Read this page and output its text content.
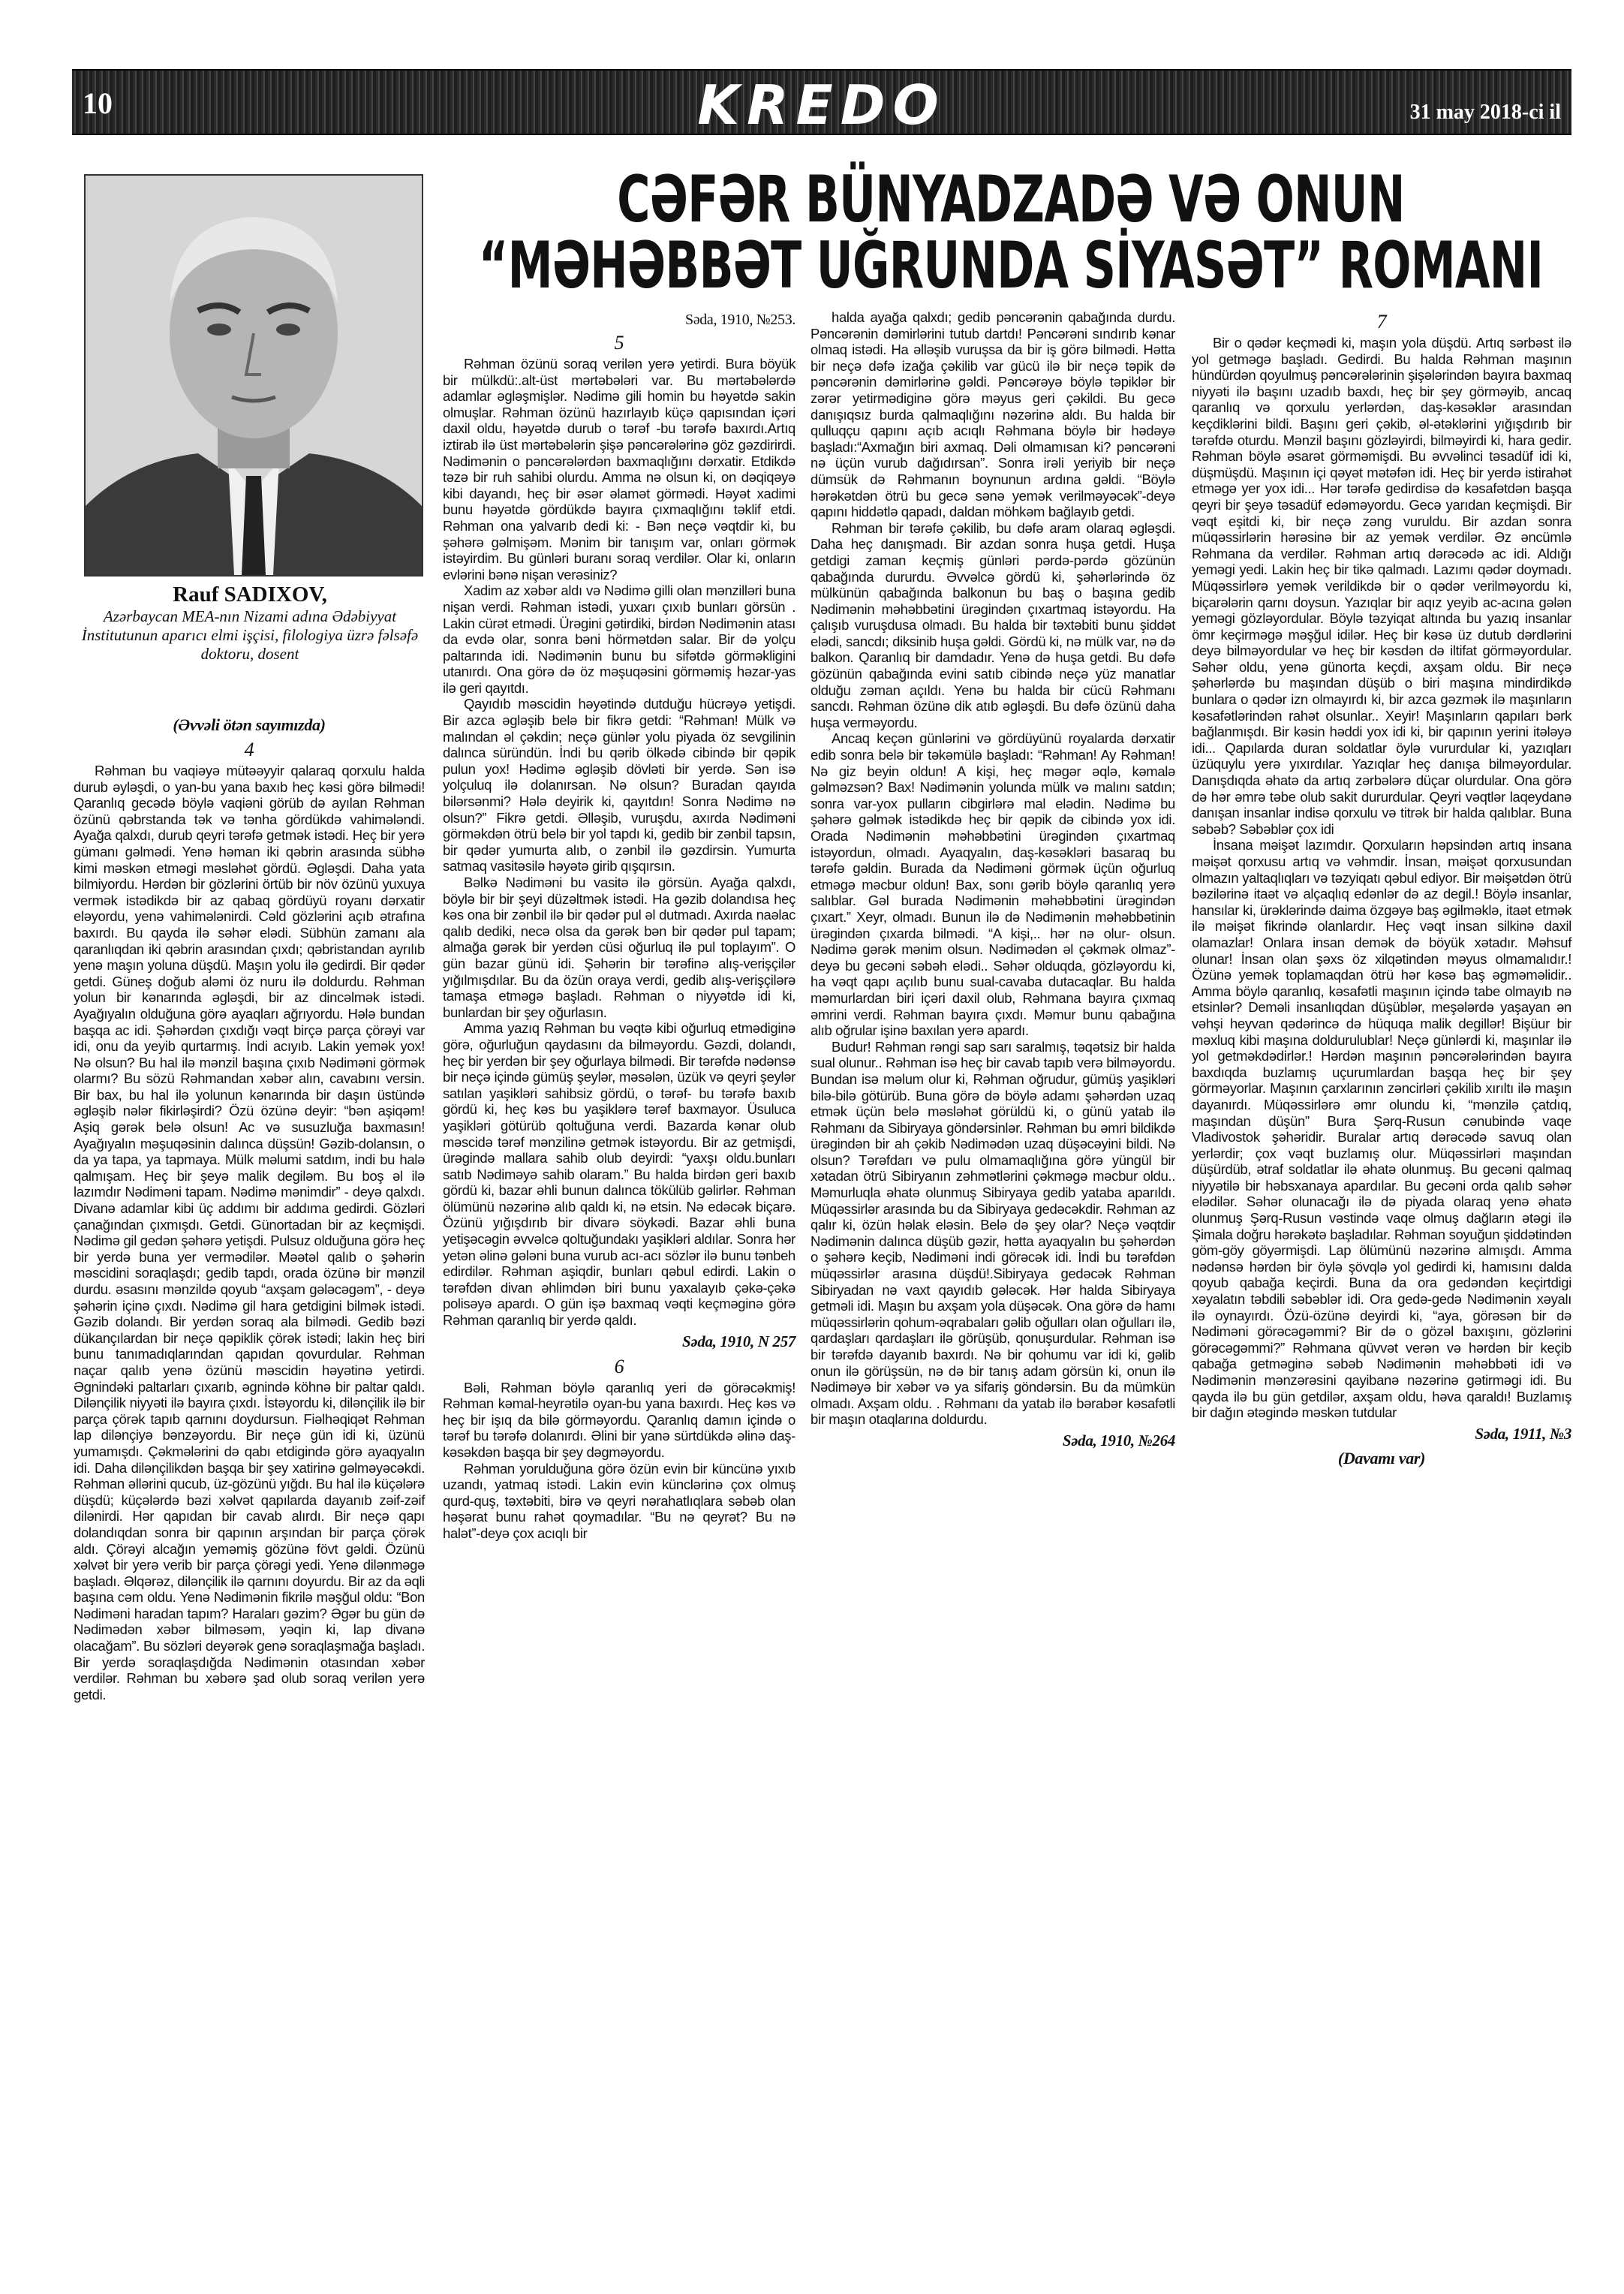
10	KREDO	31 may 2018-ci il
CƏFƏR BÜNYADZADƏ VƏ ONUN
“MƏHƏBBƏT UĞRUNDA SİYASƏT” ROMANI
Rauf SADIXOV,
Azərbaycan MEA-nın Nizami adına Ədəbiyyat İnstitutunun aparıcı elmi işçisi, filologiya üzrə fəlsəfə doktoru, dosent
(Əvvəli ötən sayımızda)
4

Rəhman bu vaqiəyə mütəəyyir qalaraq qorxulu halda durub əyləşdi, o yan-bu yana baxıb heç kəsi görə bilmədi! Qaranlıq gecədə böylə vaqiəni görüb də ayılan Rəhman özünü qəbrstanda tək və tənha gördükdə vahimələndi. Ayağa qalxdı, durub qeyri tərəfə getmək istədi. Heç bir yerə gümanı gəlmədi. Yenə həman iki qəbrin arasında sübhə kimi məskən etməgi məsləhət gördü. Əgləşdi. Daha yata bilmiyordu. Hərdən bir gözlərini örtüb bir növ özünü yuxuya vermək istədikdə bir az qabaq gördüyü royanı dərxatir eləyordu, yenə vahimələnirdi. Cəld gözlərini açıb ətrafına baxırdı. Bu qayda ilə səhər elədi. Sübhün zamanı ala qaranlıqdan iki qəbrin arasından çıxdı; qəbristandan ayrılıb yenə maşın yoluna düşdü. Maşın yolu ilə gedirdi. Bir qədər getdi. Güneş doğub aləmi öz nuru ilə doldurdu. Rəhman yolun bir kənarında əgləşdi, bir az dincəlmək istədi. Ayağıyalın olduğuna görə ayaqları ağrıyordu. Hələ bundan başqa ac idi. Şəhərdən çıxdığı vəqt birçə parça çörəyi var idi, onu da yeyib qurtarmış. İndi acıyıb. Lakin yemək yox! Nə olsun? Bu hal ilə mənzil başına çıxıb Nədiməni görmək olarmı? Bu sözü Rəhmandan xəbər alın, cavabını versin. Bir bax, bu hal ilə yolunun kənarında bir daşın üstündə əgləşib nələr fikirləşirdi? Özü özünə deyir: “bən aşiqəm! Aşiq gərək belə olsun! Ac və susuzluğa baxmasın! Ayağıyalın məşuqəsinin dalınca düşsün! Gəzib-dolansın, o da ya tapa, ya tapmaya. Mülk məlumi satdım, indi bu halə qalmışam. Heç bir şeyə malik degiləm. Bu boş əl ilə lazımdır Nədiməni tapam. Nədimə mənimdir” - deyə qalxdı. Divanə adamlar kibi üç addımı bir addıma gedirdi. Gözləri çanağından çıxmışdı. Getdi. Günortadan bir az keçmişdi. Nədimə gil gedən şəhərə yetişdi. Pulsuz olduğuna görə heç bir yerdə buna yer vermədilər. Məətəl qalıb o şəhərin məscidini soraqlaşdı; gedib tapdı, orada özünə bir mənzil durdu. əsasını mənzildə qoyub “axşam gələcəgəm”, - deyə şəhərin içinə çıxdı. Nədimə gil hara getdigini bilmək istədi. Gəzib dolandı. Bir yerdən soraq ala bilmədi. Gedib bəzi dükançılardan bir neçə qəpiklik çörək istədi; lakin heç biri bunu tanımadıqlarından qapıdan qovurdular. Rəhman naçar qalıb yenə özünü məscidin həyətinə yetirdi. Əgnindəki paltarları çıxarıb, əgnində köhnə bir paltar qaldı. Dilənçilik niyyəti ilə bayıra çıxdı. İstəyordu ki, dilənçilik ilə bir parça çörək tapıb qarnını doydursun. Fiəlhəqiqət Rəhman lap dilənçiyə bənzəyordu. Bir neçə gün idi ki, üzünü yumamışdı. Çəkmələrini də qabı etdigində görə ayaqyalın idi. Daha dilənçilikdən başqa bir şey xatirinə gəlməyəcəkdi. Rəhman əllərini qucub, üz-gözünü yığdı. Bu hal ilə küçələrə düşdü; küçələrdə bəzi xəlvət qapılarda dayanıb zəif-zəif dilənirdi. Hər qapıdan bir cavab alırdı. Bir neçə qapı dolandıqdan sonra bir qapının arşından bir parça çörək aldı. Çörəyi alcağın yeməmiş gözünə fövt gəldi. Özünü xəlvət bir yerə verib bir parça çörəgi yedi. Yenə dilənməgə başladı. Əlqərəz, dilənçilik ilə qarnını doyurdu. Bir az da əqli başına cəm oldu. Yenə Nədimənin fikrilə məşğul oldu: “Bon Nədiməni haradan tapım? Haraları gəzim? Əgər bu gün də Nədimədən xəbər bilməsəm, yəqin ki, lap divanə olacağam”. Bu sözləri deyərək genə soraqlaşmağa başladı. Bir yerdə soraqlaşdığda Nədimənin otasından xəbər verdilər. Rəhman bu xəbərə şad olub soraq verilən yerə getdi.

Səda, 1910, №253.
5

Rəhman özünü soraq verilən yerə yetirdi. Bura böyük bir mülkdü:.alt-üst mərtəbələri var. Bu mərtəbələrdə adamlar əgləşmişlər. Nədimə gili homin bu həyətdə sakin olmuşlar. Rəhman özünü hazırlayıb küçə qapısından içəri daxil oldu, həyətdə durub o tərəf -bu tərəfə baxırdı.Artıq iztirab ilə üst mərtəbələrin şişə pəncərələrinə göz gəzdirirdi. Nədimənin o pəncərələrdən baxmaqlığını dərxatir. Etdikdə təzə bir ruh sahibi olurdu. Amma nə olsun ki, on dəqiqəyə kibi dayandı, heç bir əsər əlamət görmədi. Həyət xadimi bunu həyətdə gördükdə bayıra çıxmaqlığını təklif etdi. Rəhman ona yalvarıb dedi ki: - Bən neçə vəqtdir ki, bu şəhərə gəlmişəm. Mənim bir tanışım var, onları görmək istəyirdim. Bu günləri buranı soraq verdilər. Olar ki, onların evlərini bənə nişan verəsiniz?

Xadim az xəbər aldı və Nədimə gilli olan mənzilləri buna nişan verdi. Rəhman istədi, yuxarı çıxıb bunları görsün . Lakin cürət etmədi. Ürəgini gətirdiki, birdən Nədimənin atası da evdə olar, sonra bəni hörmətdən salar. Bir də yolçu paltarında idi. Nədimənin bunu bu sifətdə görməkligini utanırdı. Ona görə də öz məşuqəsini görməmiş həzar-yas ilə geri qayıtdı.

Qayıdıb məscidin həyətində dutduğu hücrəyə yetişdi. Bir azca əgləşib belə bir fikrə getdi: “Rəhman! Mülk və malından əl çəkdin; neçə günlər yolu piyada öz sevgilinin dalınca süründün. İndi bu qərib ölkədə cibində bir qəpik pulun yox! Hədimə əgləşib dövləti bir yerdə. Sən isə yolçuluq ilə dolanırsan. Nə olsun? Buradan qayıda bilərsənmi? Hələ deyirik ki, qayıtdın! Sonra Nədimə nə olsun?” Fikrə getdi. Əlləşib, vuruşdu, axırda Nədiməni görməkdən ötrü belə bir yol tapdı ki, gedib bir zənbil tapsın, bir qədər yumurta alıb, o zənbil ilə gəzdirsin. Yumurta satmaq vasitəsilə həyətə girib qışqırsın.

Bəlkə Nədiməni bu vasitə ilə görsün. Ayağa qalxdı, böylə bir bir şeyi düzəltmək istədi. Ha gəzib dolandısa heç kəs ona bir zənbil ilə bir qədər pul əl dutmadı. Axırda naəlac qalıb dediki, necə olsa da gərək bən bir qədər pul tapam; almağa gərək bir yerdən cüsi oğurluq ilə pul toplayım”. O gün bazar günü idi. Şəhərin bir tərəfinə alış-verişçilər yığılmışdılar. Bu da özün oraya verdi, gedib alış-verişçilərə tamaşa etməgə başladı. Rəhman o niyyətdə idi ki, bunlardan bir şey oğurlasın.

Amma yazıq Rəhman bu vəqtə kibi oğurluq etmədiginə görə, oğurluğun qaydasını da bilməyordu. Gəzdi, dolandı, heç bir yerdən bir şey oğurlaya bilmədi. Bir tərəfdə nədənsə bir neçə içində gümüş şeylər, məsələn, üzük və qeyri şeylər satılan yaşikləri sahibsiz gördü, o tərəf- bu tərəfə baxıb gördü ki, heç kəs bu yaşiklərə tərəf baxmayor. Üsuluca yaşikləri götürüb qoltuğuna verdi. Bazarda kənar olub məscidə tərəf mənzilinə getmək istəyordu. Bir az getmişdi, ürəgində mallara sahib olub deyirdi: “yaxşı oldu.bunları satıb Nədiməyə sahib olaram.” Bu halda birdən geri baxıb gördü ki, bazar əhli bunun dalınca tökülüb gəlirlər. Rəhman ölümünü nəzərinə alıb qaldı ki, nə etsin. Nə edəcək biçarə. Özünü yığışdırıb bir divarə söykədi. Bazar əhli buna yetişəcəgin əvvəlcə qoltuğundakı yaşikləri aldılar. Sonra hər yetən əlinə gələni buna vurub acı-acı sözlər ilə bunu tənbeh edirdilər. Rəhman aşiqdir, bunları qəbul edirdi. Lakin o tərəfdən divan əhlimdən biri bunu yaxalayıb çəkə-çəkə polisəyə apardı. O gün işə baxmaq vəqti keçməginə görə Rəhman qaranlıq bir yerdə qaldı.

Səda, 1910, N 257
6

Bəli, Rəhman böylə qaranlıq yeri də görəcəkmiş! Rəhman kəmal-heyrətilə oyan-bu yana baxırdı. Heç kəs və heç bir işıq da bilə görməyordu. Qaranlıq damın içində o tərəf bu tərəfə dolanırdı. Əlini bir yanə sürtdükdə əlinə daş-kəsəkdən başqa bir şey dəgməyordu.

Rəhman yorulduğuna görə özün evin bir küncünə yıxıb uzandı, yatmaq istədi. Lakin evin künclərinə çox olmuş qurd-quş, təxtəbiti, birə və qeyri nərahatlıqlara səbəb olan həşərat bunu rahət qoymadılar. “Bu nə qeyrət? Bu nə halət”-deyə çox acıqlı bir

halda ayağa qalxdı; gedib pəncərənin qabağında durdu. Pəncərənin dəmirlərini tutub dartdı! Pəncərəni sındırıb kənar olmaq istədi. Ha əlləşib vuruşsa da bir iş görə bilmədi. Hətta bir neçə dəfə izağa çəkilib var gücü ilə bir neçə təpik də pəncərənin dəmirlərinə gəldi. Pəncərəyə böylə təpiklər bir zərər yetirmədiginə görə məyus geri çəkildi. Bu gecə danışıqsız burda qalmaqlığını nəzərinə aldı. Bu halda bir qulluqçu qapını açıb acıqlı Rəhmana böylə bir hədəyə başladı:“Axmağın biri axmaq. Dəli olmamısan ki? pəncərəni nə üçün vurub dağıdırsan”. Sonra irəli yeriyib bir neçə dümsük də Rəhmanın boynunun ardına gəldi. “Böylə hərəkətdən ötrü bu gecə sənə yemək verilməyəcək”-deyə qapını hiddətlə qapadı, daldan möhkəm bağlayıb getdi.

Rəhman bir tərəfə çəkilib, bu dəfə aram olaraq əgləşdi. Daha heç danışmadı. Bir azdan sonra huşa getdi. Huşa getdigi zaman keçmiş günləri pərdə-pərdə gözünün qabağında dururdu. Əvvəlcə gördü ki, şəhərlərində öz mülkünün qabağında balkonun bu baş o başına gedib Nədimənin məhəbbətini ürəgindən çıxartmaq istəyordu. Ha çalışıb vuruşdusa olmadı. Bu halda bir təxtəbiti bunu şiddət elədi, sancdı; diksinib huşa gəldi. Gördü ki, nə mülk var, nə də balkon. Qaranlıq bir damdadır. Yenə də huşa getdi. Bu dəfə gözünün qabağında evini satıb cibində neçə yüz manatlar olduğu zəman açıldı. Yenə bu halda bir cücü Rəhmanı sancdı. Rəhman özünə dik atıb əgləşdi. Bu dəfə özünü daha huşa verməyordu.

Ancaq keçən günlərini və gördüyünü royalarda dərxatir edib sonra belə bir təkəmülə başladı: “Rəhman! Ay Rəhman! Nə giz beyin oldun! A kişi, heç məgər əqlə, kəmalə gəlməzsən? Bax! Nədimənin yolunda mülk və malını satdın; sonra var-yox pulların cibgirlərə mal elədin. Nədimə bu şəhərə gəlmək istədikdə heç bir qəpik də cibində yox idi. Orada Nədimənin məhəbbətini ürəgindən çıxartmaq istəyordun, olmadı. Ayaqyalın, daş-kəsəkləri basaraq bu tərəfə gəldin. Burada da Nədiməni görmək üçün oğurluq etməgə məcbur oldun! Bax, sonı gərib böylə qaranlıq yerə salıblar. Gəl burada Nədimənin məhəbbətini ürəgindən çıxart.” Xeyr, olmadı. Bunun ilə də Nədimənin məhəbbətinin ürəgindən çıxarda bilmədi. “A kişi,.. hər nə olur- olsun. Nədimə gərək mənim olsun. Nədimədən əl çəkmək olmaz”-deyə bu gecəni səbəh elədi.. Səhər olduqda, gözləyordu ki, ha vəqt qapı açılıb bunu sual-cavaba dutacaqlar. Bu halda məmurlardan biri içəri daxil olub, Rəhmana bayıra çıxmaq əmrini verdi. Rəhman bayıra çıxdı. Məmur bunu qabağına alıb oğrular işinə baxılan yerə apardı.

Budur! Rəhman rəngi sap sarı saralmış, təqətsiz bir halda sual olunur.. Rəhman isə heç bir cavab tapıb verə bilməyordu. Bundan isə məlum olur ki, Rəhman oğrudur, gümüş yaşikləri bilə-bilə götürüb. Buna görə də böylə adamı şəhərdən uzaq etmək üçün belə məsləhət görüldü ki, o günü yatab ilə Rəhmanı da Sibiryaya göndərsinlər. Rəhman bu əmri bildikdə ürəgindən bir ah çəkib Nədimədən uzaq düşəcəyini bildi. Nə olsun? Tərəfdarı və pulu olmamaqlığına görə yüngül bir xətadan ötrü Sibiryanın zəhmətlərini çəkməgə məcbur oldu.. Məmurluqla əhatə olunmuş Sibiryaya gedib yataba aparıldı. Müqəssirlər arasında bu da Sibiryaya gedəcəkdir. Rəhman az qalır ki, özün həlak eləsin. Belə də şey olar? Neçə vəqtdir Nədimənin dalınca düşüb gəzir, hətta ayaqyalın bu şəhərdən o şəhərə keçib, Nədiməni indi görəcək idi. İndi bu tərəfdən müqəssirlər arasına düşdü!.Sibiryaya gedəcək Rəhman Sibiryadan nə vaxt qayıdıb gələcək. Hər halda Sibiryaya getməli idi. Maşın bu axşam yola düşəcək. Ona görə də hamı müqəssirlərin qohum-əqrabaları gəlib oğulları olan oğulları ilə, qardaşları qardaşları ilə görüşüb, qonuşurdular. Rəhman isə bir tərəfdə dayanıb baxırdı. Nə bir qohumu var idi ki, gəlib onun ilə görüşsün, nə də bir tanış adam görsün ki, onun ilə Nədiməyə bir xəbər və ya sifariş göndərsin. Bu da mümkün olmadı. Axşam oldu. . Rəhmanı da yatab ilə bərabər kəsafətli bir maşın otaqlarına doldurdu.

Səda, 1910, №264
7

Bir o qədər keçmədi ki, maşın yola düşdü. Artıq sərbəst ilə yol getməgə başladı. Gedirdi. Bu halda Rəhman maşının hündürdən qoyulmuş pəncərələrinin şişələrindən bayıra baxmaq niyyəti ilə başını uzadıb baxdı, heç bir şey görməyib, ancaq qaranlıq və qorxulu yerlərdən, daş-kəsəklər arasından keçdiklərini bildi. Başını geri çəkib, əl-ətəklərini yığışdırıb bir tərəfdə oturdu. Mənzil başını gözləyirdi, bilməyirdi ki, hara gedir. Rəhman böylə əsarət görməmişdi. Bu əvvəlinci təsadüf idi ki, düşmüşdü. Maşının içi qəyət mətəfən idi. Heç bir yerdə istirahət etməgə yer yox idi... Hər tərəfə gedirdisə də kəsafətdən başqa qeyri bir şeyə təsadüf edəməyordu. Gecə yarıdan keçmişdi. Bir vəqt eşitdi ki, bir neçə zəng vuruldu. Bir azdan sonra müqəssirlərin hərəsinə bir az yemək verdilər. Əz əncümlə Rəhmana da verdilər. Rəhman artıq dərəcədə ac idi. Aldığı yeməgi yedi. Lakin heç bir tikə qalmadı. Lazımı qədər doymadı. Müqəssirlərə yemək verildikdə bir o qədər verilməyordu ki, biçarələrin qarnı doysun. Yazıqlar bir aqız yeyib ac-acına gələn yeməgi gözləyordular. Böylə təzyiqat altında bu yazıq insanlar ömr keçirməgə məşğul idilər. Heç bir kəsə üz dutub dərdlərini deyə bilməyordular və heç bir kəsdən də iltifat görməyordular. Səhər oldu, yenə günorta keçdi, axşam oldu. Bir neçə şəhərlərdə bu maşından düşüb o biri maşına mindirdikdə bunlara o qədər izn olmayırdı ki, bir azca gəzmək ilə maşınların kəsafətlərindən rahət olsunlar.. Xeyir! Maşınların qapıları bərk bağlanmışdı. Bir kəsin həddi yox idi ki, bir qapının yerini itələyə idi... Qapılarda duran soldatlar öylə vururdular ki, yazıqları üzüquylu yerə yıxırdılar. Yazıqlar heç danışa bilməyordular. Danışdıqda əhatə da artıq zərbələrə düçar olurdular. Ona görə də hər əmrə təbe olub sakit dururdular. Qeyri vəqtlər laqeydanə danışan insanlar indisə qorxulu və titrək bir halda qalıblar. Buna səbəb? Səbəblər çox idi

İnsana məişət lazımdır. Qorxuların həpsindən artıq insana məişət qorxusu artıq və vəhmdir. İnsan, məişət qorxusundan olmazın yaltaqlıqları və təzyiqatı qəbul ediyor. Bir məişətdən ötrü bəzilərinə itaət və alçaqlıq edənlər də az degil.! Böylə insanlar, hansılar ki, ürəklərində daima özgəyə baş əgilməklə, itaət etmək ilə məişət fikrində olanlardır. Heç vəqt insan silkinə daxil olamazlar! Onlara insan demək də böyük xətadır. Məhsuf olunar! İnsan olan şəxs öz xilqətindən məyus olmamalıdır.! Özünə yemək toplamaqdan ötrü hər kəsə baş əgməməlidir.. Amma böylə qaranlıq, kəsafətli maşının içində tabe olmayıb nə etsinlər? Deməli insanlıqdan düşüblər, meşələrdə yaşayan ən vəhşi heyvan qədərincə də hüquqa malik degillər! Bişüur bir məxluq kibi maşına doldurulublar! Neçə günlərdi ki, maşınlar ilə yol getməkdədirlər.! Hərdən maşının pəncərələrindən bayıra baxdıqda buzlamış uçurumlardan başqa heç bir şey görməyorlar. Maşının çarxlarının zəncirləri çəkilib xırıltı ilə maşın dayanırdı. Müqəssirlərə əmr olundu ki, “mənzilə çatdıq, maşından düşün” Bura Şərq-Rusun cənubində vaqe Vladivostok şəhəridir. Buralar artıq dərəcədə savuq olan yerlərdir; çox vəqt buzlamış olur. Müqəssirləri maşından düşürdüb, ətraf soldatlar ilə əhatə olunmuş. Bu gecəni qalmaq niyyətilə bir həbsxanaya apardılar. Bu gecəni orda qalıb səhər elədilər. Səhər olunacağı ilə də piyada olaraq yenə əhatə olunmuş Şərq-Rusun vəstində vaqe olmuş dağların ətəgi ilə Şimala doğru hərəkətə başladılar. Rəhman soyuğun şiddətindən göm-göy göyərmişdi. Lap ölümünü nəzərinə almışdı. Amma nədənsə hərdən bir öylə şövqlə yol gedirdi ki, hamısını dalda qoyub qabağa keçirdi. Buna da ora gedəndən keçirtdigi xəyalatın təbdili səbəblər idi. Ora gedə-gedə Nədimənin xəyalı ilə oynayırdı. Özü-özünə deyirdi ki, “aya, görəsən bir də Nədiməni görəcəgəmmi? Bir də o gözəl baxışını, gözlərini görəcəgəmmi?” Rəhmana qüvvət verən və hərdən bir keçib qabağa getməginə səbəb Nədimənin məhəbbəti idi və Nədimənin mənzərəsini qayibanə nəzərinə gətirməgi idi. Bu qayda ilə bu gün getdilər, axşam oldu, həva qaraldı! Buzlamış bir dağın ətəgində məskən tutdular

Səda, 1911, №3
(Davamı var)
